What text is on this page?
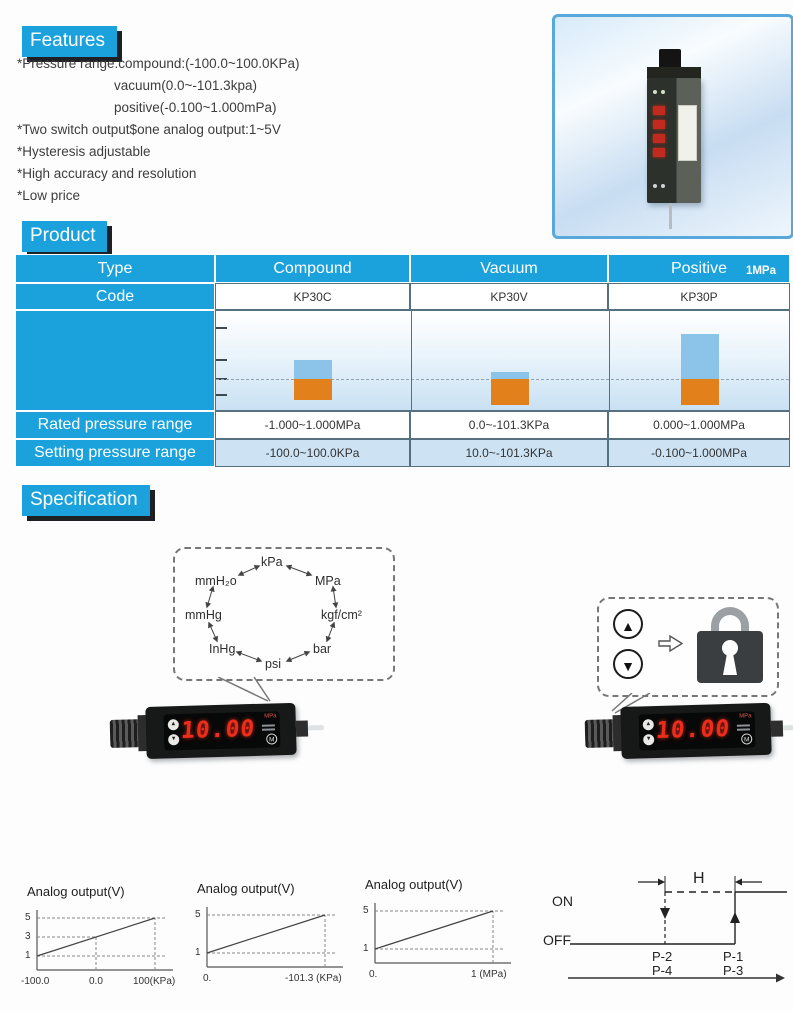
Features
*Pressure range:compound:(-100.0~100.0KPa)
vacuum(0.0~-101.3kpa)
positive(-0.100~1.000mPa)
*Two switch output$one analog output:1~5V
*Hysteresis adjustable
*High accuracy and resolution
*Low price
Product
Type	Compound	Vacuum	Positive
Code	KP30C	KP30V	KP30P
1MPa
100.0KPa
Rated pressure range	-1.000~1.000MPa	0.0~-101.3KPa	0.000~1.000MPa
Setting pressure range	-100.0~100.0KPa	10.0~-101.3KPa	-0.100~1.000MPa
Specification
kPa
MPa
kgf/cm²
bar
psi
InHg
mmHg
mmH₂o
▲
▼ 10.00 MPa
M
▲
▼
▲
▼ 10.00 MPa
M
Analog output(V)
5
3
1
-100.0	0.0	100(KPa)
Analog output(V)
5
1
0.	-101.3 (KPa)
Analog output(V)
5
1
0.	1 (MPa)
ON
OFF
H
P-2
P-4
P-1
P-3
